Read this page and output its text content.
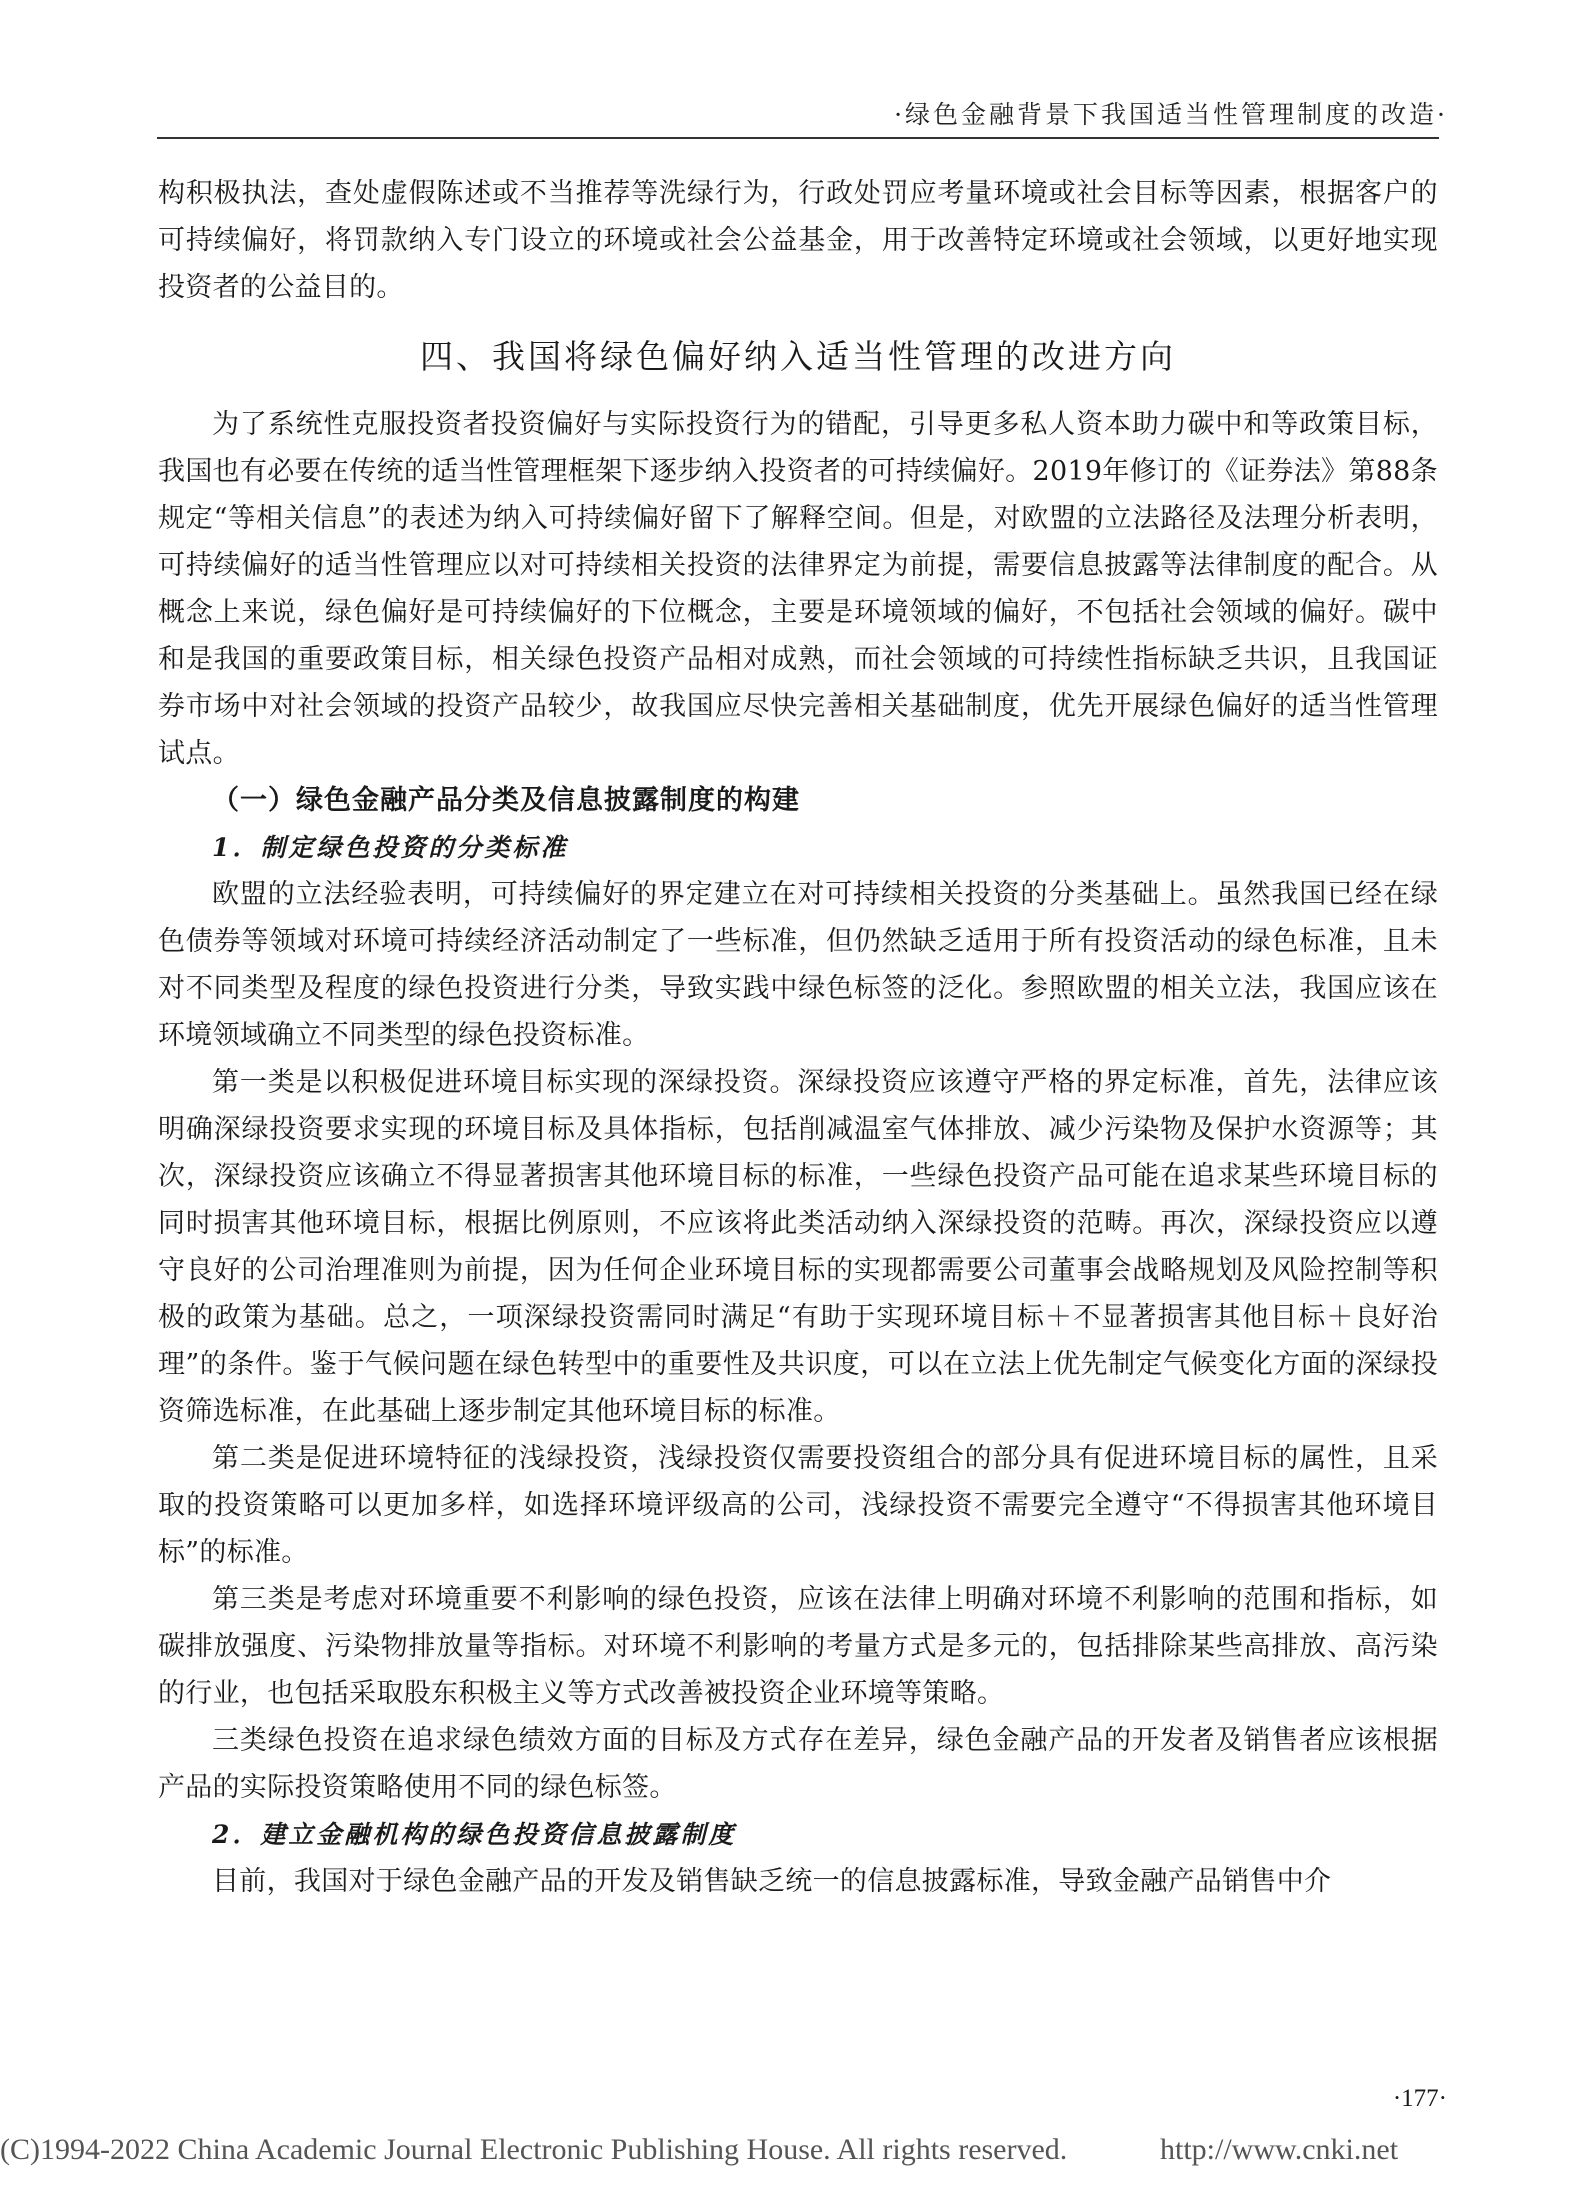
·绿色金融背景下我国适当性管理制度的改造·

构积极执法，查处虚假陈述或不当推荐等洗绿行为，行政处罚应考量环境或社会目标等因素，根据客户的可持续偏好，将罚款纳入专门设立的环境或社会公益基金，用于改善特定环境或社会领域，以更好地实现投资者的公益目的。

四、我国将绿色偏好纳入适当性管理的改进方向

为了系统性克服投资者投资偏好与实际投资行为的错配，引导更多私人资本助力碳中和等政策目标，我国也有必要在传统的适当性管理框架下逐步纳入投资者的可持续偏好。2019年修订的《证券法》第88条规定“等相关信息”的表述为纳入可持续偏好留下了解释空间。但是，对欧盟的立法路径及法理分析表明，可持续偏好的适当性管理应以对可持续相关投资的法律界定为前提，需要信息披露等法律制度的配合。从概念上来说，绿色偏好是可持续偏好的下位概念，主要是环境领域的偏好，不包括社会领域的偏好。碳中和是我国的重要政策目标，相关绿色投资产品相对成熟，而社会领域的可持续性指标缺乏共识，且我国证券市场中对社会领域的投资产品较少，故我国应尽快完善相关基础制度，优先开展绿色偏好的适当性管理试点。

（一）绿色金融产品分类及信息披露制度的构建
1．制定绿色投资的分类标准

欧盟的立法经验表明，可持续偏好的界定建立在对可持续相关投资的分类基础上。虽然我国已经在绿色债券等领域对环境可持续经济活动制定了一些标准，但仍然缺乏适用于所有投资活动的绿色标准，且未对不同类型及程度的绿色投资进行分类，导致实践中绿色标签的泛化。参照欧盟的相关立法，我国应该在环境领域确立不同类型的绿色投资标准。

第一类是以积极促进环境目标实现的深绿投资。深绿投资应该遵守严格的界定标准，首先，法律应该明确深绿投资要求实现的环境目标及具体指标，包括削减温室气体排放、减少污染物及保护水资源等；其次，深绿投资应该确立不得显著损害其他环境目标的标准，一些绿色投资产品可能在追求某些环境目标的同时损害其他环境目标，根据比例原则，不应该将此类活动纳入深绿投资的范畴。再次，深绿投资应以遵守良好的公司治理准则为前提，因为任何企业环境目标的实现都需要公司董事会战略规划及风险控制等积极的政策为基础。总之，一项深绿投资需同时满足“有助于实现环境目标＋不显著损害其他目标＋良好治理”的条件。鉴于气候问题在绿色转型中的重要性及共识度，可以在立法上优先制定气候变化方面的深绿投资筛选标准，在此基础上逐步制定其他环境目标的标准。

第二类是促进环境特征的浅绿投资，浅绿投资仅需要投资组合的部分具有促进环境目标的属性，且采取的投资策略可以更加多样，如选择环境评级高的公司，浅绿投资不需要完全遵守“不得损害其他环境目标”的标准。

第三类是考虑对环境重要不利影响的绿色投资，应该在法律上明确对环境不利影响的范围和指标，如碳排放强度、污染物排放量等指标。对环境不利影响的考量方式是多元的，包括排除某些高排放、高污染的行业，也包括采取股东积极主义等方式改善被投资企业环境等策略。

三类绿色投资在追求绿色绩效方面的目标及方式存在差异，绿色金融产品的开发者及销售者应该根据产品的实际投资策略使用不同的绿色标签。

2．建立金融机构的绿色投资信息披露制度

目前，我国对于绿色金融产品的开发及销售缺乏统一的信息披露标准，导致金融产品销售中介

·177·
(C)1994-2022 China Academic Journal Electronic Publishing House. All rights reserved.	http://www.cnki.net
